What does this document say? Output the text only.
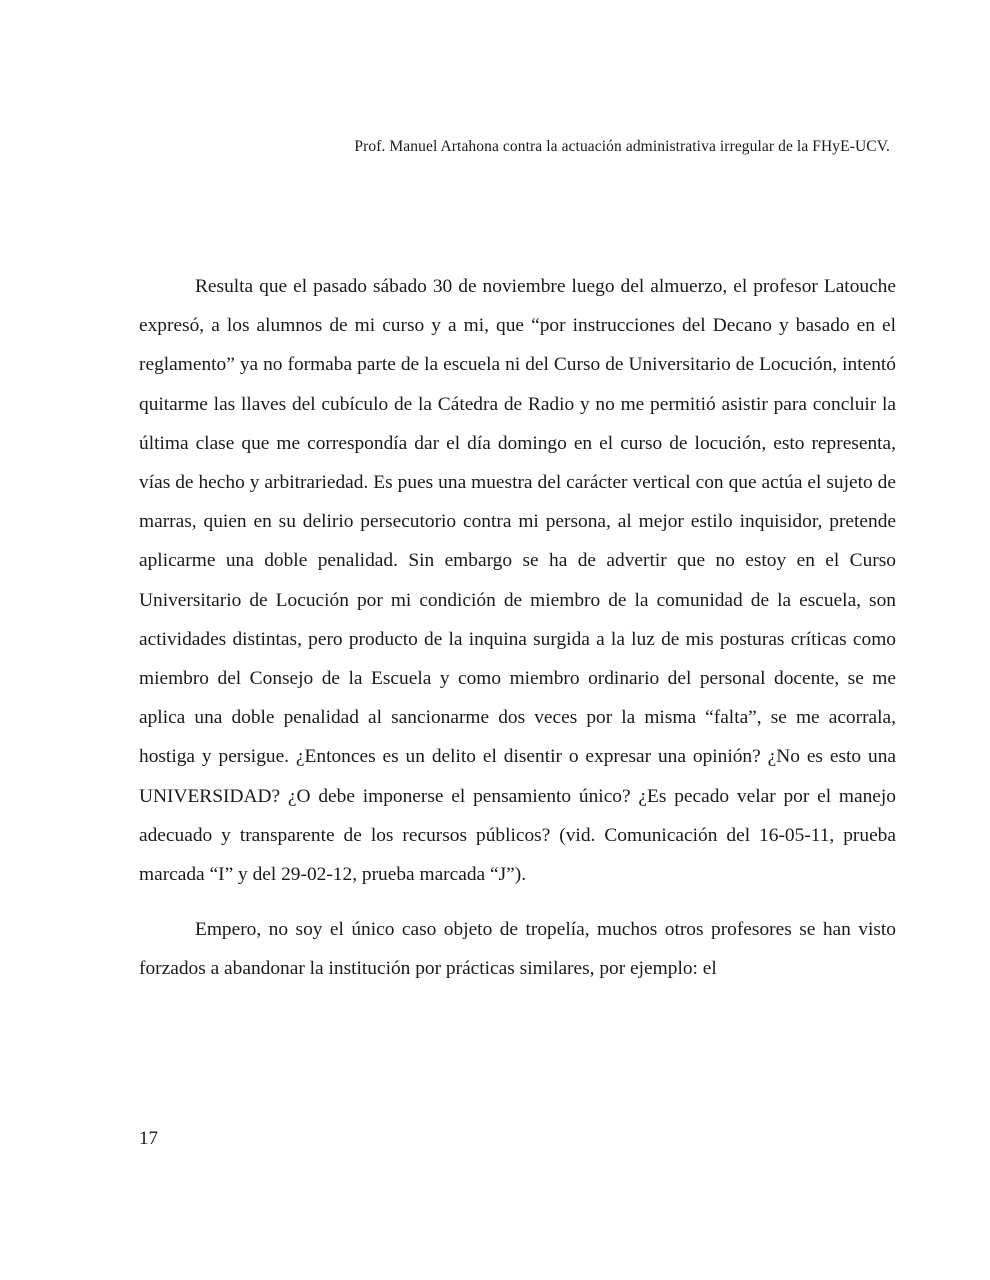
Prof. Manuel Artahona contra la actuación administrativa irregular de la FHyE-UCV.

Resulta que el pasado sábado 30 de noviembre luego del almuerzo, el profesor Latouche expresó, a los alumnos de mi curso y a mi, que “por instrucciones del Decano y basado en el reglamento” ya no formaba parte de la escuela ni del Curso de Universitario de Locución, intentó quitarme las llaves del cubículo de la Cátedra de Radio y no me permitió asistir para concluir la última clase que me correspondía dar el día domingo en el curso de locución, esto representa, vías de hecho y arbitrariedad. Es pues una muestra del carácter vertical con que actúa el sujeto de marras, quien en su delirio persecutorio contra mi persona, al mejor estilo inquisidor, pretende aplicarme una doble penalidad. Sin embargo se ha de advertir que no estoy en el Curso Universitario de Locución por mi condición de miembro de la comunidad de la escuela, son actividades distintas, pero producto de la inquina surgida a la luz de mis posturas críticas como miembro del Consejo de la Escuela y como miembro ordinario del personal docente, se me aplica una doble penalidad al sancionarme dos veces por la misma “falta”, se me acorrala, hostiga y persigue. ¿Entonces es un delito el disentir o expresar una opinión? ¿No es esto una UNIVERSIDAD? ¿O debe imponerse el pensamiento único? ¿Es pecado velar por el manejo adecuado y transparente de los recursos públicos? (vid. Comunicación del 16-05-11, prueba marcada “I” y del 29-02-12, prueba marcada “J”).

Empero, no soy el único caso objeto de tropelía, muchos otros profesores se han visto forzados a abandonar la institución por prácticas similares, por ejemplo: el

17
